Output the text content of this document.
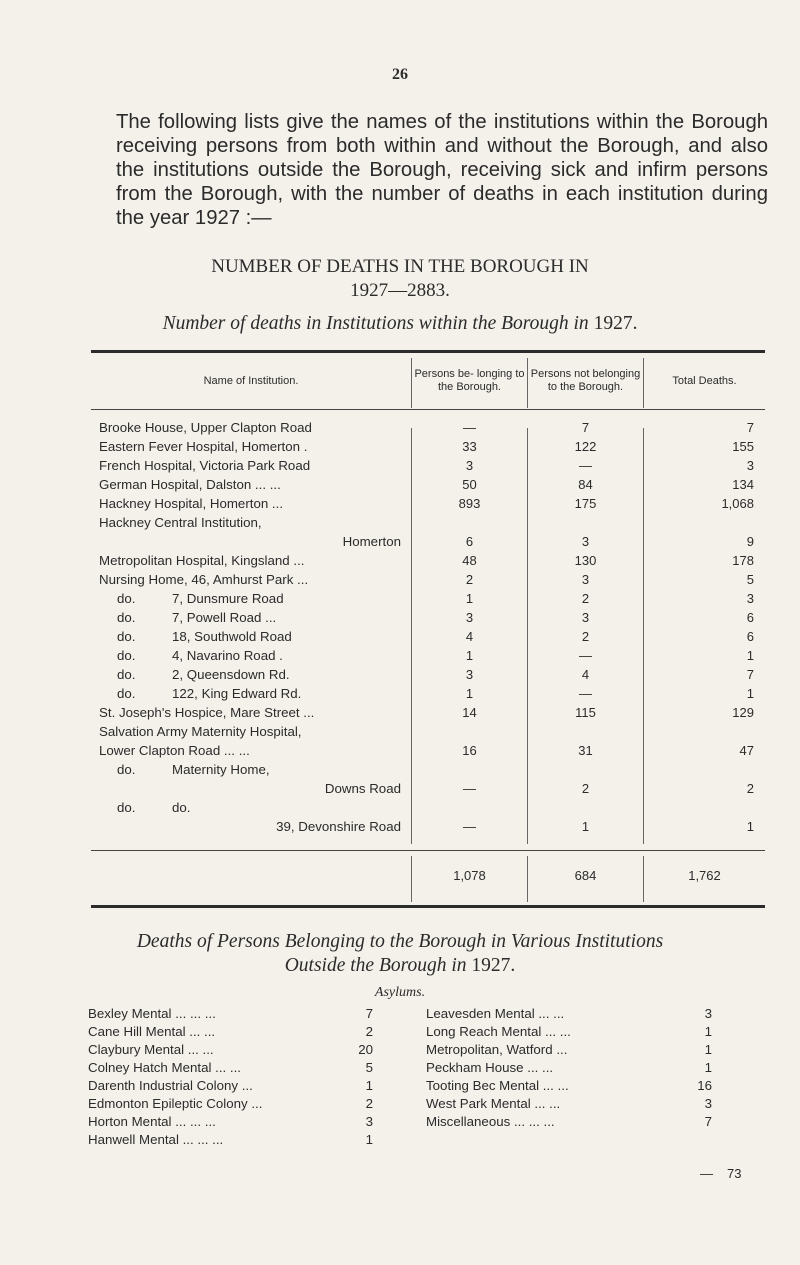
26

The following lists give the names of the institutions within the Borough receiving persons from both within and without the Borough, and also the institutions outside the Borough, receiving sick and infirm persons from the Borough, with the number of deaths in each institution during the year 1927 :—

NUMBER OF DEATHS IN THE BOROUGH IN
1927—2883.
Number of deaths in Institutions within the Borough in 1927.
Name of Institution.
Persons be- longing to the Borough.
Persons not belonging to the Borough.
Total Deaths.
Brooke House, Upper Clapton Road	—	7	7
Eastern Fever Hospital, Homerton .	33	122	155
French Hospital, Victoria Park Road	3	—	3
German Hospital, Dalston ... ...	50	84	134
Hackney Hospital, Homerton ...	893	175	1,068
Hackney Central Institution,
Homerton	6	3	9
Metropolitan Hospital, Kingsland ...	48	130	178
Nursing Home, 46, Amhurst Park ...	2	3	5
do.	7, Dunsmure Road	1	2	3
do.	7, Powell Road ...	3	3	6
do.	18, Southwold Road	4	2	6
do.	4, Navarino Road .	1	—	1
do.	2, Queensdown Rd.	3	4	7
do.	122, King Edward Rd.	1	—	1
St. Joseph's Hospice, Mare Street ...	14	115	129
Salvation Army Maternity Hospital,
Lower Clapton Road ... ...	16	31	47
do.	Maternity Home,
Downs Road	—	2	2
do.	do.
39, Devonshire Road	—	1	1
1,078	684	1,762
Deaths of Persons Belonging to the Borough in Various Institutions
Outside the Borough in 1927.
Asylums.
Bexley Mental ... ... ...	7
Cane Hill Mental ... ...	2
Claybury Mental ... ...	20
Colney Hatch Mental ... ...	5
Darenth Industrial Colony ...	1
Edmonton Epileptic Colony ...	2
Horton Mental ... ... ...	3
Hanwell Mental ... ... ...	1
Leavesden Mental ... ...	3
Long Reach Mental ... ...	1
Metropolitan, Watford ...	1
Peckham House ... ...	1
Tooting Bec Mental ... ...	16
West Park Mental ... ...	3
Miscellaneous ... ... ...	7
— 73
